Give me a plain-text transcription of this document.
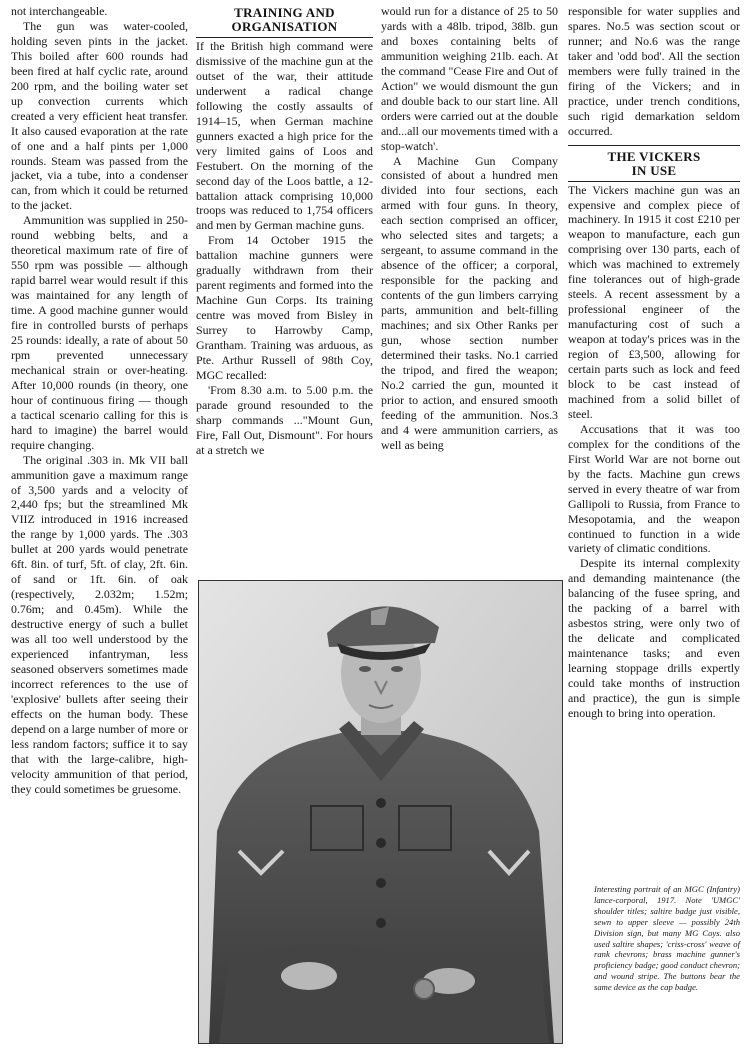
not interchangeable.

The gun was water-cooled, holding seven pints in the jacket. This boiled after 600 rounds had been fired at half cyclic rate, around 200 rpm, and the boiling water set up convection currents which created a very efficient heat transfer. It also caused evaporation at the rate of one and a half pints per 1,000 rounds. Steam was passed from the jacket, via a tube, into a condenser can, from which it could be returned to the jacket.

Ammunition was supplied in 250-round webbing belts, and a theoretical maximum rate of fire of 550 rpm was possible — although rapid barrel wear would result if this was maintained for any length of time. A good machine gunner would fire in controlled bursts of perhaps 25 rounds: ideally, a rate of about 50 rpm prevented unnecessary mechanical strain or over-heating. After 10,000 rounds (in theory, one hour of continuous firing — though a tactical scenario calling for this is hard to imagine) the barrel would require changing.

The original .303 in. Mk VII ball ammunition gave a maximum range of 3,500 yards and a velocity of 2,440 fps; but the streamlined Mk VIIZ introduced in 1916 increased the range by 1,000 yards. The .303 bullet at 200 yards would penetrate 6ft. 8in. of turf, 5ft. of clay, 2ft. 6in. of sand or 1ft. 6in. of oak (respectively, 2.032m; 1.52m; 0.76m; and 0.45m). While the destructive energy of such a bullet was all too well understood by the experienced infantryman, less seasoned observers sometimes made incorrect references to the use of 'explosive' bullets after seeing their effects on the human body. These depend on a large number of more or less random factors; suffice it to say that with the large-calibre, high-velocity ammunition of that period, they could sometimes be gruesome.

TRAINING AND
ORGANISATION

If the British high command were dismissive of the machine gun at the outset of the war, their attitude underwent a radical change following the costly assaults of 1914–15, when German machine gunners exacted a high price for the very limited gains of Loos and Festubert. On the morning of the second day of the Loos battle, a 12-battalion attack comprising 10,000 troops was reduced to 1,754 officers and men by German machine guns.

From 14 October 1915 the battalion machine gunners were gradually withdrawn from their parent regiments and formed into the Machine Gun Corps. Its training centre was moved from Bisley in Surrey to Harrowby Camp, Grantham. Training was arduous, as Pte. Arthur Russell of 98th Coy, MGC recalled:

'From 8.30 a.m. to 5.00 p.m. the parade ground resounded to the sharp commands ..."Mount Gun, Fire, Fall Out, Dismount". For hours at a stretch we

would run for a distance of 25 to 50 yards with a 48lb. tripod, 38lb. gun and boxes containing belts of ammunition weighing 21lb. each. At the command "Cease Fire and Out of Action" we would dismount the gun and double back to our start line. All orders were carried out at the double and...all our movements timed with a stop-watch'.

A Machine Gun Company consisted of about a hundred men divided into four sections, each armed with four guns. In theory, each section comprised an officer, who selected sites and targets; a sergeant, to assume command in the absence of the officer; a corporal, responsible for the packing and contents of the gun limbers carrying parts, ammunition and belt-filling machines; and six Other Ranks per gun, whose section number determined their tasks. No.1 carried the tripod, and fired the weapon; No.2 carried the gun, mounted it prior to action, and ensured smooth feeding of the ammunition. Nos.3 and 4 were ammunition carriers, as well as being

responsible for water supplies and spares. No.5 was section scout or runner; and No.6 was the range taker and 'odd bod'. All the section members were fully trained in the firing of the Vickers; and in practice, under trench conditions, such rigid demarkation seldom occurred.

THE VICKERS
IN USE

The Vickers machine gun was an expensive and complex piece of machinery. In 1915 it cost £210 per weapon to manufacture, each gun comprising over 130 parts, each of which was machined to extremely fine tolerances out of high-grade steels. A recent assessment by a professional engineer of the manufacturing cost of such a weapon at today's prices was in the region of £3,500, allowing for certain parts such as lock and feed block to be cast instead of machined from a solid billet of steel.

Accusations that it was too complex for the conditions of the First World War are not borne out by the facts. Machine gun crews served in every theatre of war from Gallipoli to Russia, from France to Mesopotamia, and the weapon continued to function in a wide variety of climatic conditions.

Despite its internal complexity and demanding maintenance (the balancing of the fusee spring, and the packing of a barrel with asbestos string, were only two of the delicate and complicated maintenance tasks; and even learning stoppage drills expertly could take months of instruction and practice), the gun is simple enough to bring into operation.

Interesting portrait of an MGC (Infantry) lance-corporal, 1917. Note 'UMGC' shoulder titles; saltire badge just visible, sewn to upper sleeve — possibly 24th Division sign, but many MG Coys. also used saltire shapes; 'criss-cross' weave of rank chevrons; brass machine gunner's proficiency badge; good conduct chevron; and wound stripe. The buttons bear the same device as the cap badge.
